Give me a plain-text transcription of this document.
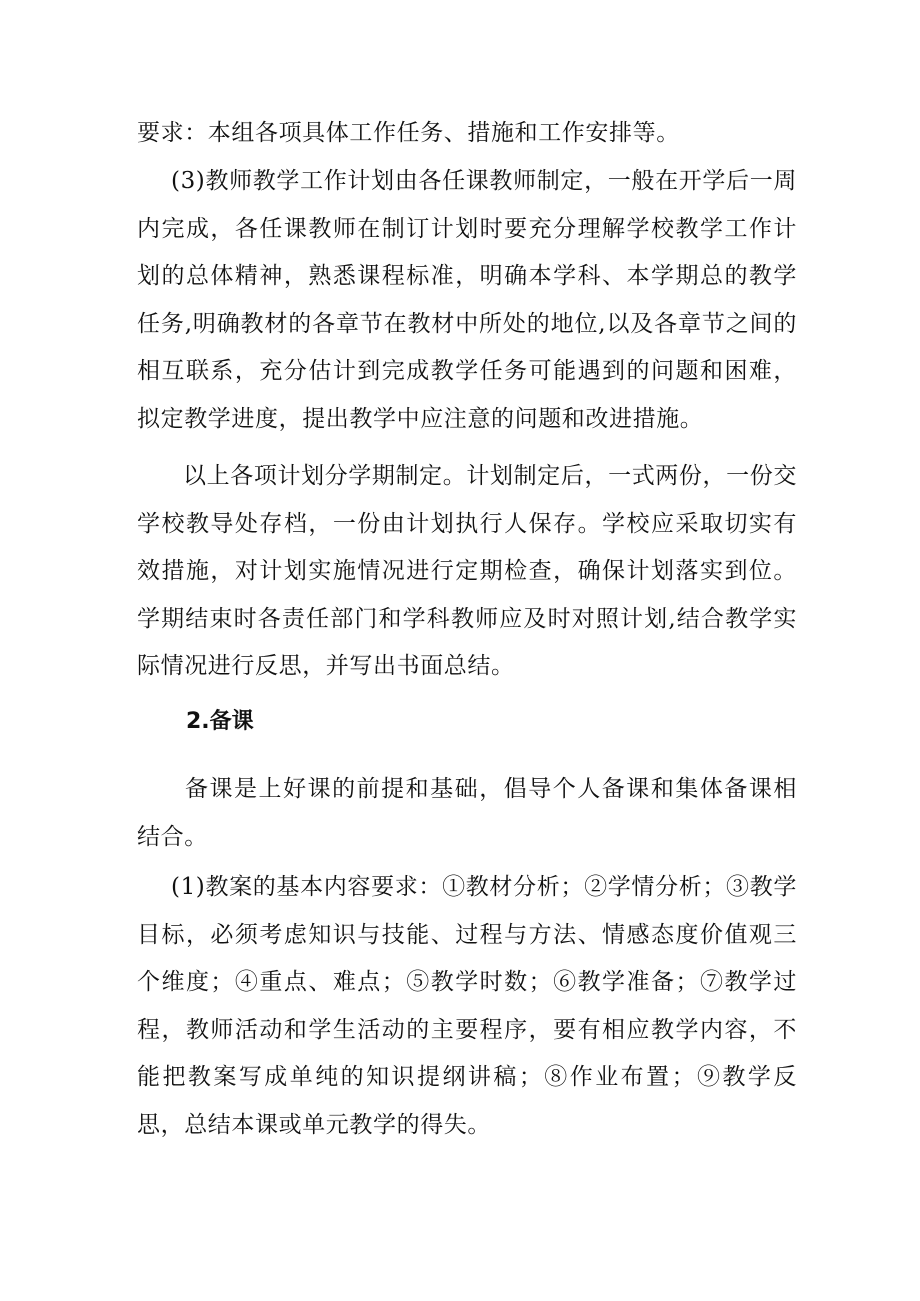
要求：本组各项具体工作任务、措施和工作安排等。

(3)教师教学工作计划由各任课教师制定，一般在开学后一周内完成，各任课教师在制订计划时要充分理解学校教学工作计划的总体精神，熟悉课程标准，明确本学科、本学期总的教学任务,明确教材的各章节在教材中所处的地位,以及各章节之间的相互联系，充分估计到完成教学任务可能遇到的问题和困难，拟定教学进度，提出教学中应注意的问题和改进措施。

以上各项计划分学期制定。计划制定后，一式两份，一份交学校教导处存档，一份由计划执行人保存。学校应采取切实有效措施，对计划实施情况进行定期检查，确保计划落实到位。学期结束时各责任部门和学科教师应及时对照计划,结合教学实际情况进行反思，并写出书面总结。

2.备课

备课是上好课的前提和基础，倡导个人备课和集体备课相结合。

(1)教案的基本内容要求：①教材分析；②学情分析；③教学目标，必须考虑知识与技能、过程与方法、情感态度价值观三个维度；④重点、难点；⑤教学时数；⑥教学准备；⑦教学过程，教师活动和学生活动的主要程序，要有相应教学内容，不能把教案写成单纯的知识提纲讲稿；⑧作业布置；⑨教学反思，总结本课或单元教学的得失。
